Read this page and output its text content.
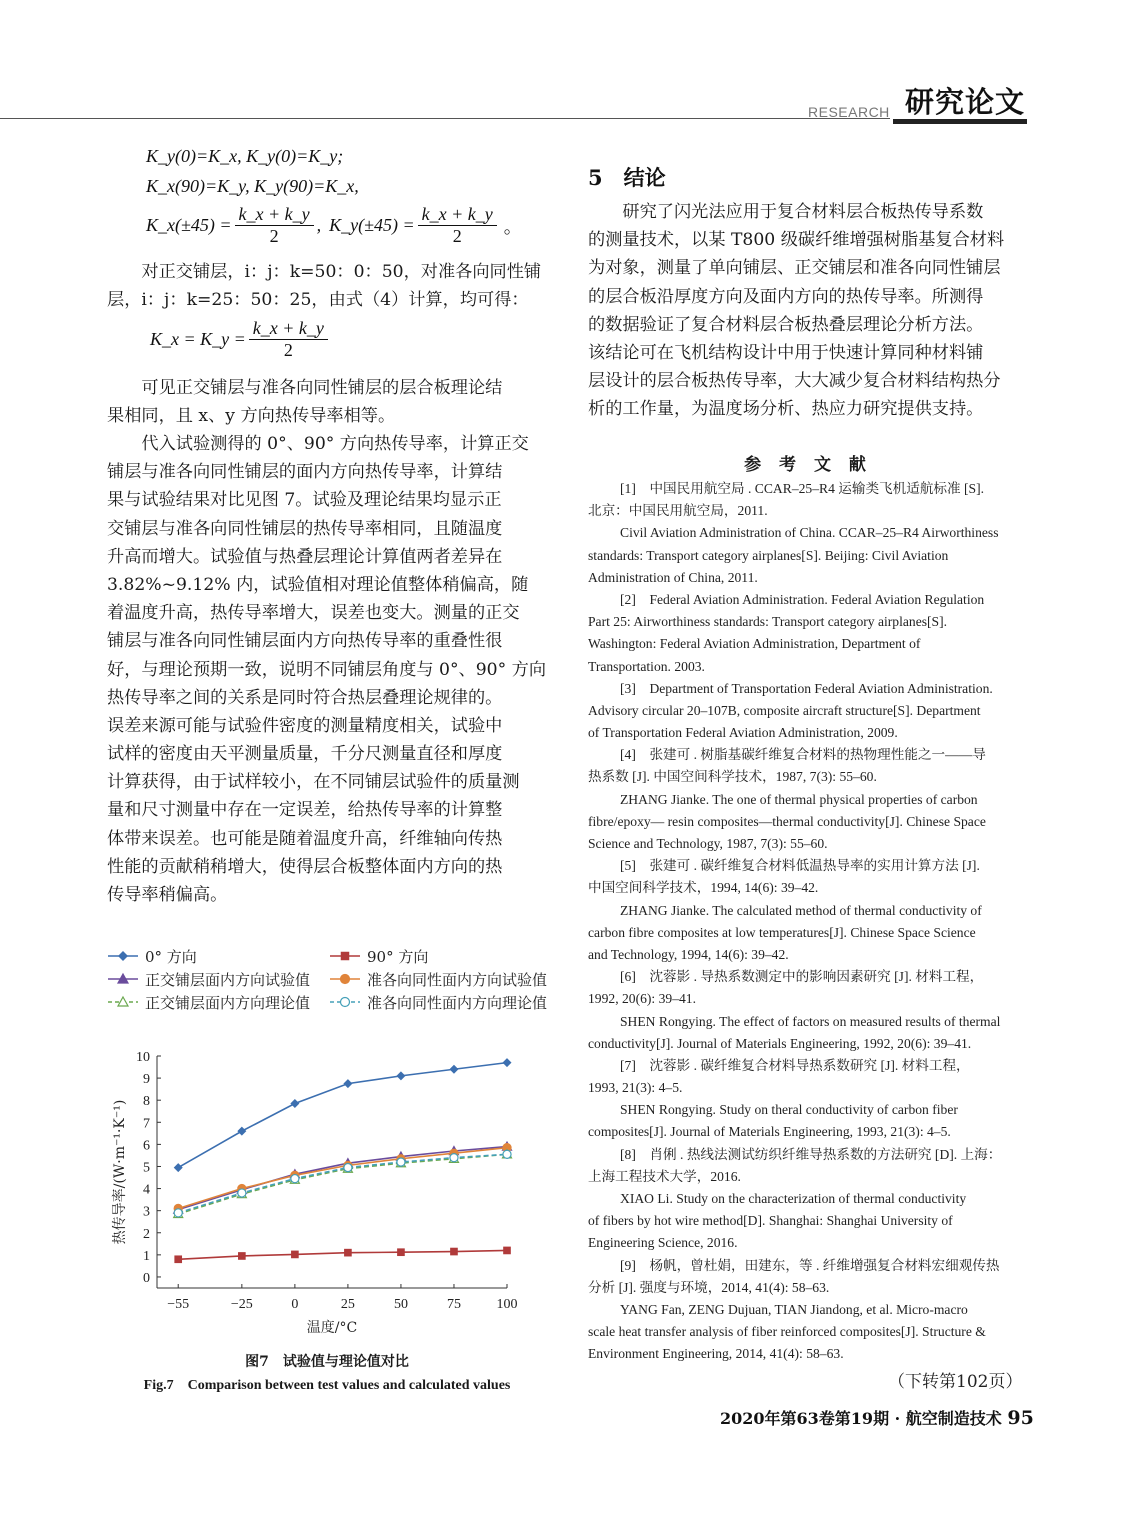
RESEARCH 研究论文
K_y(0)=K_x, K_y(0)=K_y;
K_x(90)=K_y, K_y(90)=K_x,
K_x(±45) = $\frac{k\_x + k\_y}{2}$ , K_y(±45) = $\frac{k\_x + k\_y}{2}$ 。
对正交铺层，i：j：k=50：0：50，对准各向同性铺
层，i：j：k=25：50：25，由式（4）计算，均可得：
K_x = K_y = $\frac{k\_x + k\_y}{2}$
可见正交铺层与准各向同性铺层的层合板理论结
果相同，且 x、y 方向热传导率相等。
代入试验测得的 0°、90° 方向热传导率，计算正交
铺层与准各向同性铺层的面内方向热传导率，计算结
果与试验结果对比见图 7。试验及理论结果均显示正
交铺层与准各向同性铺层的热传导率相同，且随温度
升高而增大。试验值与热叠层理论计算值两者差异在
3.82%~9.12% 内，试验值相对理论值整体稍偏高，随
着温度升高，热传导率增大，误差也变大。测量的正交
铺层与准各向同性铺层面内方向热传导率的重叠性很
好，与理论预期一致，说明不同铺层角度与 0°、90° 方向
热传导率之间的关系是同时符合热层叠理论规律的。
误差来源可能与试验件密度的测量精度相关，试验中
试样的密度由天平测量质量，千分尺测量直径和厚度
计算获得，由于试样较小，在不同铺层试验件的质量测
量和尺寸测量中存在一定误差，给热传导率的计算整
体带来误差。也可能是随着温度升高，纤维轴向传热
性能的贡献稍稍增大，使得层合板整体面内方向的热
传导率稍偏高。
0° 方向	90° 方向
正交铺层面内方向试验值	准各向同性面内方向试验值
正交铺层面内方向理论值	准各向同性面内方向理论值
0
1
2
3
4
5
6
7
8
9
10
−55	−25	0	25	50	75	100
温度/°C
热传导率/(W·m⁻¹·K⁻¹)
图7　试验值与理论值对比
Fig.7　Comparison between test values and calculated values
5　结论
研究了闪光法应用于复合材料层合板热传导系数
的测量技术，以某 T800 级碳纤维增强树脂基复合材料
为对象，测量了单向铺层、正交铺层和准各向同性铺层
的层合板沿厚度方向及面内方向的热传导率。所测得
的数据验证了复合材料层合板热叠层理论分析方法。
该结论可在飞机结构设计中用于快速计算同种材料铺
层设计的层合板热传导率，大大减少复合材料结构热分
析的工作量，为温度场分析、热应力研究提供支持。
参 考 文 献
[1]　中国民用航空局 . CCAR–25–R4 运输类飞机适航标准 [S].
北京：中国民用航空局，2011.
Civil Aviation Administration of China. CCAR–25–R4 Airworthiness
standards: Transport category airplanes[S]. Beijing: Civil Aviation
Administration of China, 2011.
[2]　Federal Aviation Administration. Federal Aviation Regulation
Part 25: Airworthiness standards: Transport category airplanes[S].
Washington: Federal Aviation Administration, Department of
Transportation. 2003.
[3]　Department of Transportation Federal Aviation Administration.
Advisory circular 20–107B, composite aircraft structure[S]. Department
of Transportation Federal Aviation Administration, 2009.
[4]　张建可 . 树脂基碳纤维复合材料的热物理性能之一——导
热系数 [J]. 中国空间科学技术，1987, 7(3): 55–60.
ZHANG Jianke. The one of thermal physical properties of carbon
fibre/epoxy— resin composites—thermal conductivity[J]. Chinese Space
Science and Technology, 1987, 7(3): 55–60.
[5]　张建可 . 碳纤维复合材料低温热导率的实用计算方法 [J].
中国空间科学技术，1994, 14(6): 39–42.
ZHANG Jianke. The calculated method of thermal conductivity of
carbon fibre composites at low temperatures[J]. Chinese Space Science
and Technology, 1994, 14(6): 39–42.
[6]　沈蓉影 . 导热系数测定中的影响因素研究 [J]. 材料工程，
1992, 20(6): 39–41.
SHEN Rongying. The effect of factors on measured results of thermal
conductivity[J]. Journal of Materials Engineering, 1992, 20(6): 39–41.
[7]　沈蓉影 . 碳纤维复合材料导热系数研究 [J]. 材料工程，
1993, 21(3): 4–5.
SHEN Rongying. Study on theral conductivity of carbon fiber
composites[J]. Journal of Materials Engineering, 1993, 21(3): 4–5.
[8]　肖俐 . 热线法测试纺织纤维导热系数的方法研究 [D]. 上海：
上海工程技术大学，2016.
XIAO Li. Study on the characterization of thermal conductivity
of fibers by hot wire method[D]. Shanghai: Shanghai University of
Engineering Science, 2016.
[9]　杨帆，曾杜娟，田建东，等 . 纤维增强复合材料宏细观传热
分析 [J]. 强度与环境，2014, 41(4): 58–63.
YANG Fan, ZENG Dujuan, TIAN Jiandong, et al. Micro-macro
scale heat transfer analysis of fiber reinforced composites[J]. Structure &
Environment Engineering, 2014, 41(4): 58–63.
（下转第102页）
2020年第63卷第19期 · 航空制造技术 95
